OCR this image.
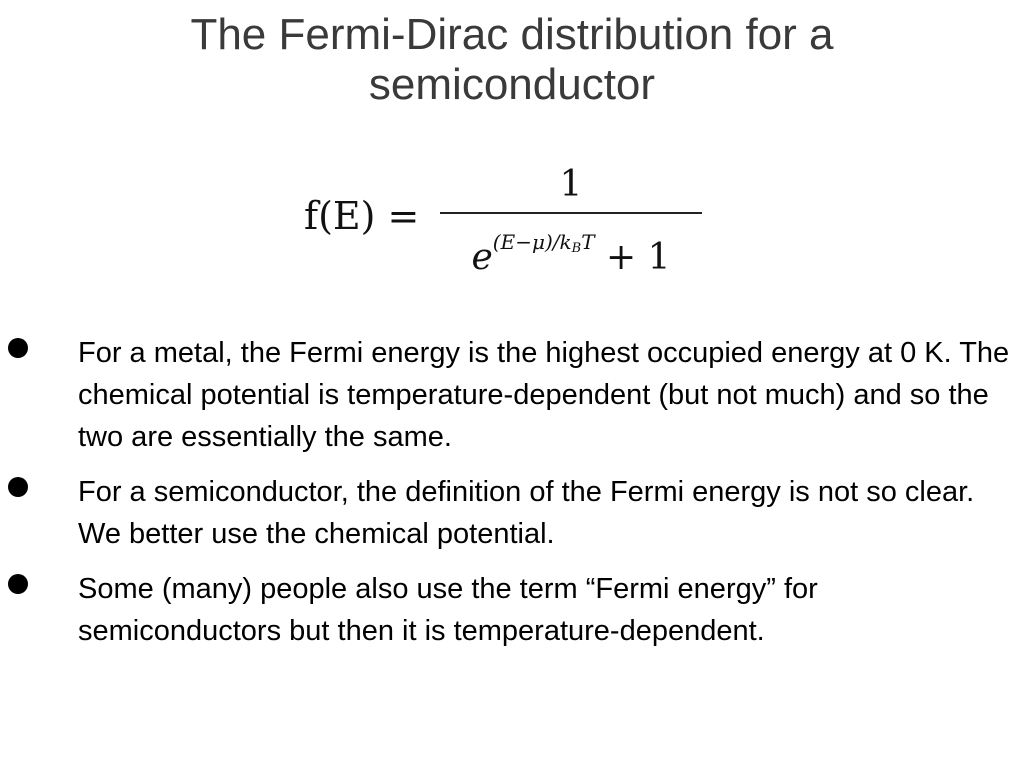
The Fermi-Dirac distribution for a
semiconductor
f(E) =
1
$e^{(E-\mu)/k_BT} + 1$
For a metal, the Fermi energy is the highest occupied energy at 0 K. The chemical potential is temperature-dependent (but not much) and so the two are essentially the same.
For a semiconductor, the definition of the Fermi energy is not so clear. We better use the chemical potential.
Some (many) people also use the term “Fermi energy” for semiconductors but then it is temperature-dependent.
